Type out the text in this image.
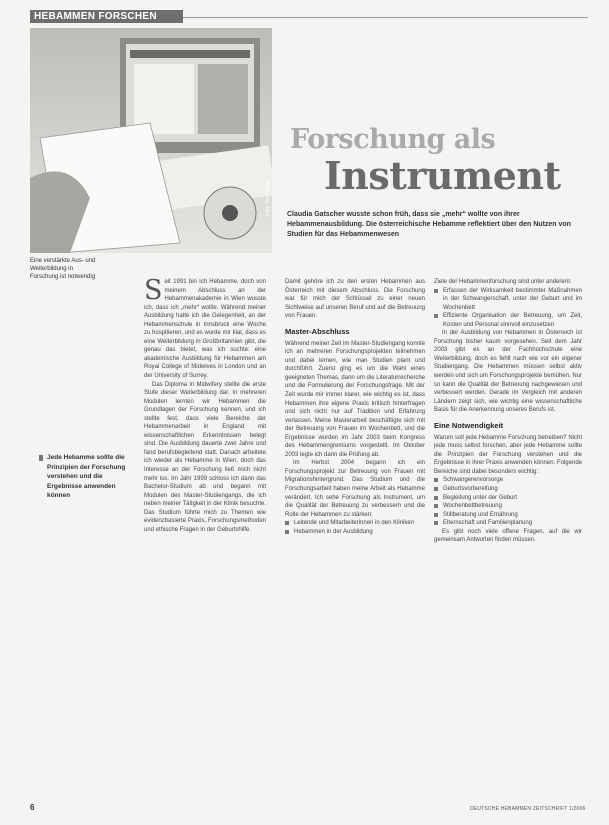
HEBAMMEN FORSCHEN
Foto: Tina Seiler
Eine verstärkte Aus- und Weiterbildung in Forschung ist notwendig
Forschung als
Instrument
Claudia Gatscher wusste schon früh, dass sie „mehr“ wollte von ihrer Hebammenausbildung. Die österreichische Hebamme reflektiert über den Nutzen von Studien für das Hebammenwesen
Jede Hebamme sollte die Prinzipien der Forschung verstehen und die Ergebnisse anwenden können
S eit 1991 bin ich Hebamme, doch von meinem Abschluss an der Hebammenakademie in Wien wusste ich, dass ich „mehr“ wollte. Während meiner Ausbildung hatte ich die Gelegenheit, an der Hebammenschule in Innsbruck eine Woche zu hospitieren, und es wurde mir klar, dass es eine Weiterbildung in Großbritannien gibt, die genau das bietet, was ich suchte: eine akademische Ausbildung für Hebammen am Royal College of Midwives in London und an der University of Surrey.
Das Diploma in Midwifery stellte die erste Stufe dieser Weiterbildung dar. In mehreren Modulen lernten wir Hebammen die Grundlagen der Forschung kennen, und ich stellte fest, dass viele Bereiche der Hebammenarbeit in England mit wissenschaftlichen Erkenntnissen belegt sind. Die Ausbildung dauerte zwei Jahre und fand berufsbegleitend statt. Danach arbeitete ich wieder als Hebamme in Wien, doch das Interesse an der Forschung ließ mich nicht mehr los. Im Jahr 1999 schloss ich dann das Bachelor-Studium ab und begann mit Modulen des Master-Studiengangs, die ich neben meiner Tätigkeit in der Klinik besuchte. Das Studium führte mich zu Themen wie evidenzbasierte Praxis, Forschungsmethoden und ethische Fragen in der Geburtshilfe.
Damit gehöre ich zu den ersten Hebammen aus Österreich mit diesem Abschluss. Die Forschung war für mich der Schlüssel zu einer neuen Sichtweise auf unseren Beruf und auf die Betreuung von Frauen.
Master-Abschluss
Während meiner Zeit im Master-Studiengang konnte ich an mehreren Forschungsprojekten teilnehmen und dabei lernen, wie man Studien plant und durchführt. Zuerst ging es um die Wahl eines geeigneten Themas, dann um die Literaturrecherche und die Formulierung der Forschungsfrage. Mit der Zeit wurde mir immer klarer, wie wichtig es ist, dass Hebammen ihre eigene Praxis kritisch hinterfragen und sich nicht nur auf Tradition und Erfahrung verlassen. Meine Masterarbeit beschäftigte sich mit der Betreuung von Frauen im Wochenbett, und die Ergebnisse wurden im Jahr 2003 beim Kongress des Hebammengremiums vorgestellt. Im Oktober 2003 legte ich dann die Prüfung ab.
Im Herbst 2004 begann ich ein Forschungsprojekt zur Betreuung von Frauen mit Migrationshintergrund. Das Studium und die Forschungsarbeit haben meine Arbeit als Hebamme verändert. Ich sehe Forschung als Instrument, um die Qualität der Betreuung zu verbessern und die Rolle der Hebammen zu stärken:
Leitende und Mitarbeiterinnen in den Kliniken
Hebammen in der Ausbildung
Ziele der Hebammenforschung sind unter anderem:
Erfassen der Wirksamkeit bestimmter Maßnahmen in der Schwangerschaft, unter der Geburt und im Wochenbett
Effiziente Organisation der Betreuung, um Zeit, Kosten und Personal sinnvoll einzusetzen
In der Ausbildung von Hebammen in Österreich ist Forschung bisher kaum vorgesehen. Seit dem Jahr 2003 gibt es an der Fachhochschule eine Weiterbildung, doch es fehlt nach wie vor ein eigener Studiengang. Die Hebammen müssen selbst aktiv werden und sich um Forschungsprojekte bemühen. Nur so kann die Qualität der Betreuung nachgewiesen und verbessert werden. Gerade im Vergleich mit anderen Ländern zeigt sich, wie wichtig eine wissenschaftliche Basis für die Anerkennung unseres Berufs ist.
Eine Notwendigkeit
Warum soll jede Hebamme Forschung betreiben? Nicht jede muss selbst forschen, aber jede Hebamme sollte die Prinzipien der Forschung verstehen und die Ergebnisse in ihrer Praxis anwenden können. Folgende Bereiche sind dabei besonders wichtig:
Schwangerenvorsorge
Geburtsvorbereitung
Begleitung unter der Geburt
Wochenbettbetreuung
Stillberatung und Ernährung
Elternschaft und Familienplanung
Es gibt noch viele offene Fragen, auf die wir gemeinsam Antworten finden müssen.
6	DEUTSCHE HEBAMMEN ZEITSCHRIFT 1/2006
